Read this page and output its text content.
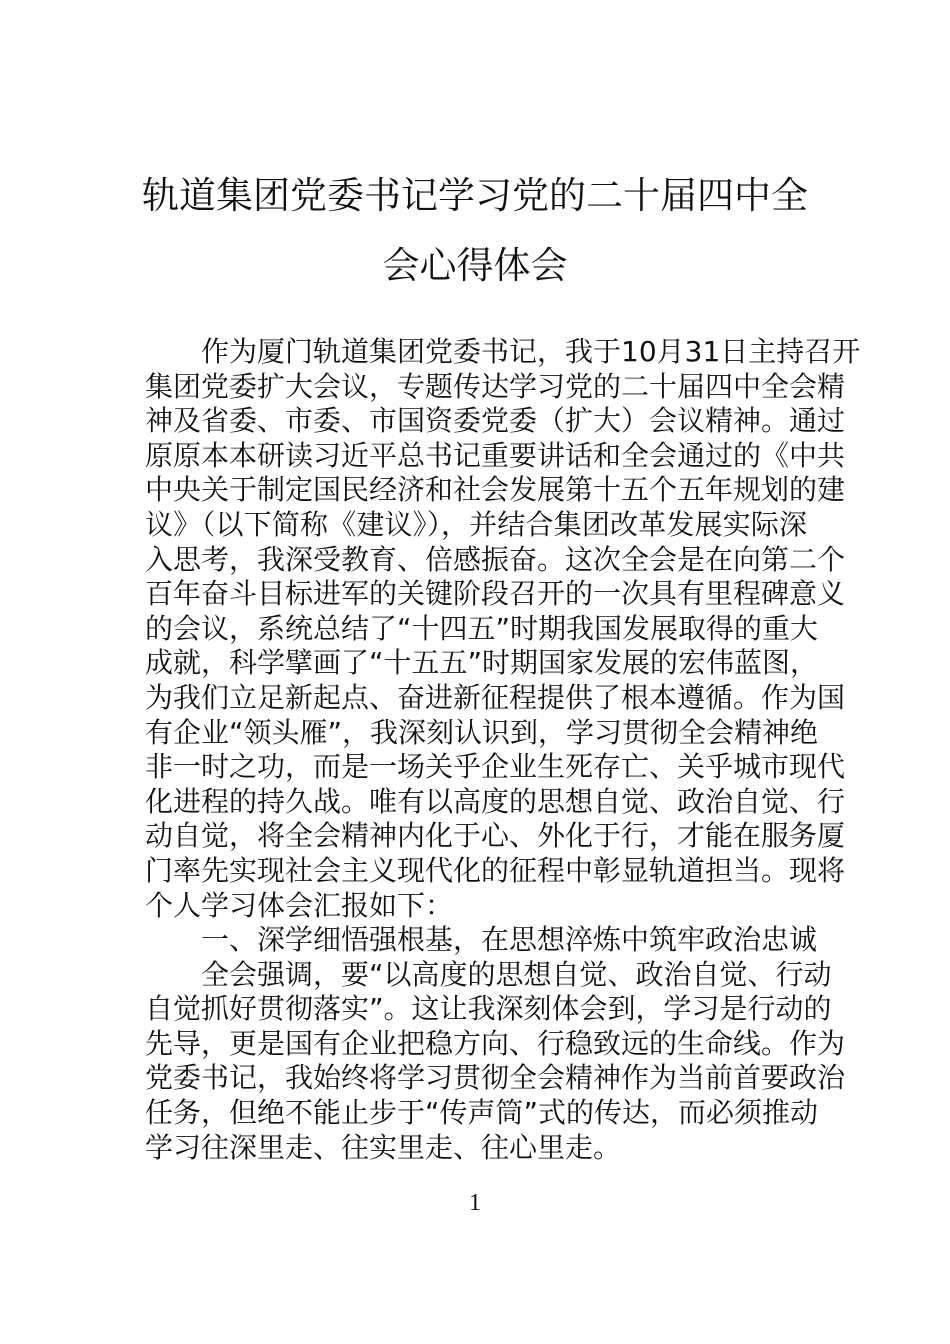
轨道集团党委书记学习党的二十届四中全
会心得体会
作为厦门轨道集团党委书记，我于10月31日主持召开
集团党委扩大会议，专题传达学习党的二十届四中全会精
神及省委、市委、市国资委党委（扩大）会议精神。通过
原原本本研读习近平总书记重要讲话和全会通过的《中共
中央关于制定国民经济和社会发展第十五个五年规划的建
议》（以下简称《建议》），并结合集团改革发展实际深
入思考，我深受教育、倍感振奋。这次全会是在向第二个
百年奋斗目标进军的关键阶段召开的一次具有里程碑意义
的会议，系统总结了“十四五”时期我国发展取得的重大
成就，科学擘画了“十五五”时期国家发展的宏伟蓝图，
为我们立足新起点、奋进新征程提供了根本遵循。作为国
有企业“领头雁”，我深刻认识到，学习贯彻全会精神绝
非一时之功，而是一场关乎企业生死存亡、关乎城市现代
化进程的持久战。唯有以高度的思想自觉、政治自觉、行
动自觉，将全会精神内化于心、外化于行，才能在服务厦
门率先实现社会主义现代化的征程中彰显轨道担当。现将
个人学习体会汇报如下：
一、深学细悟强根基，在思想淬炼中筑牢政治忠诚
全会强调，要“以高度的思想自觉、政治自觉、行动
自觉抓好贯彻落实”。这让我深刻体会到，学习是行动的
先导，更是国有企业把稳方向、行稳致远的生命线。作为
党委书记，我始终将学习贯彻全会精神作为当前首要政治
任务，但绝不能止步于“传声筒”式的传达，而必须推动
学习往深里走、往实里走、往心里走。
1
